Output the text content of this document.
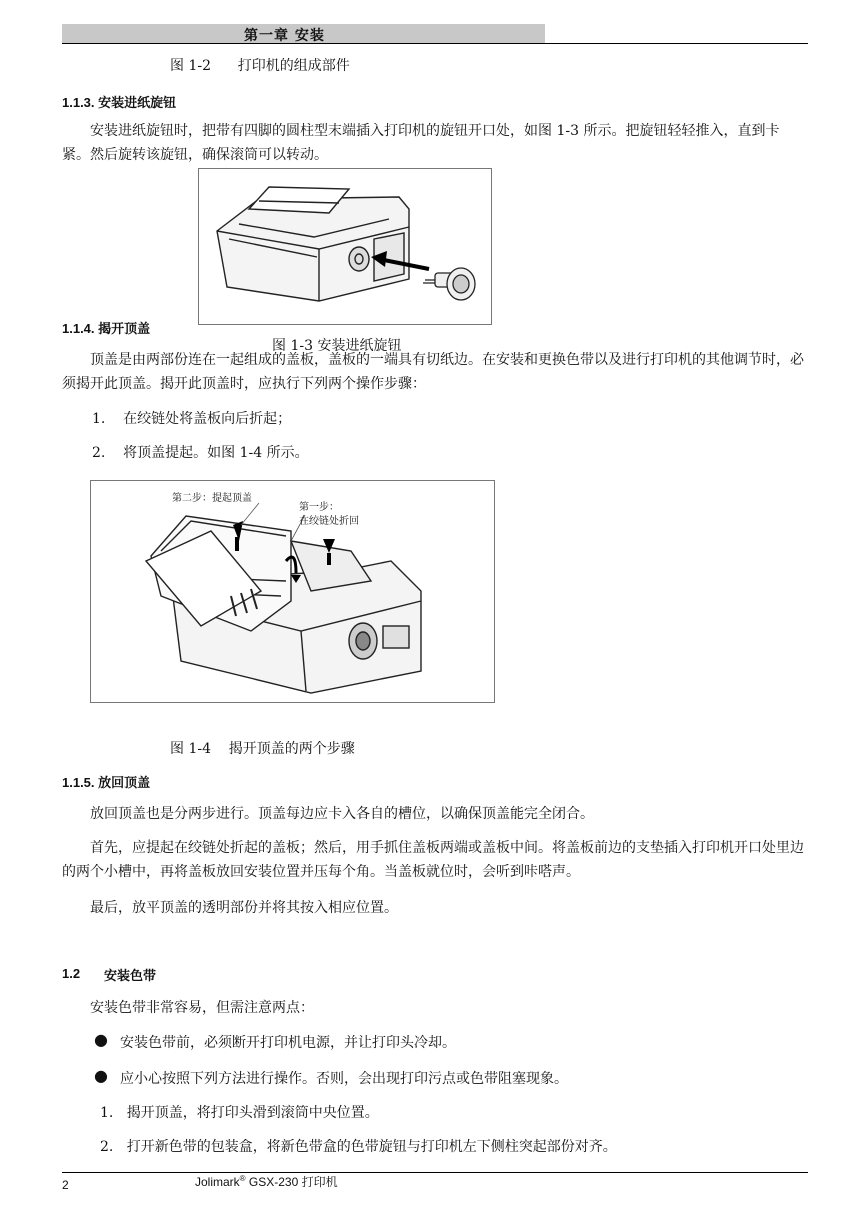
第一章 安装
图 1-2      打印机的组成部件
1.1.3. 安装进纸旋钮
安装进纸旋钮时，把带有四脚的圆柱型末端插入打印机的旋钮开口处，如图 1-3 所示。把旋钮轻轻推入，直到卡紧。然后旋转该旋钮，确保滚筒可以转动。
图 1-3 安装进纸旋钮
1.1.4. 揭开顶盖
顶盖是由两部份连在一起组成的盖板，盖板的一端具有切纸边。在安装和更换色带以及进行打印机的其他调节时，必须揭开此顶盖。揭开此顶盖时，应执行下列两个操作步骤：
1.    在绞链处将盖板向后折起；
2.    将顶盖提起。如图 1-4 所示。
第二步：提起顶盖
第一步：
在绞链处折回
图 1-4    揭开顶盖的两个步骤
1.1.5. 放回顶盖
放回顶盖也是分两步进行。顶盖每边应卡入各自的槽位，以确保顶盖能完全闭合。
首先，应提起在绞链处折起的盖板；然后，用手抓住盖板两端或盖板中间。将盖板前边的支垫插入打印机开口处里边的两个小槽中，再将盖板放回安装位置并压每个角。当盖板就位时，会听到咔嗒声。
最后，放平顶盖的透明部份并将其按入相应位置。
1.2 安装色带
安装色带非常容易，但需注意两点：
● 安装色带前，必须断开打印机电源，并让打印头冷却。
● 应小心按照下列方法进行操作。否则，会出现打印污点或色带阻塞现象。
1.   揭开顶盖，将打印头滑到滚筒中央位置。
2.   打开新色带的包装盒，将新色带盒的色带旋钮与打印机左下侧柱突起部份对齐。
2	Jolimark® GSX-230 打印机
